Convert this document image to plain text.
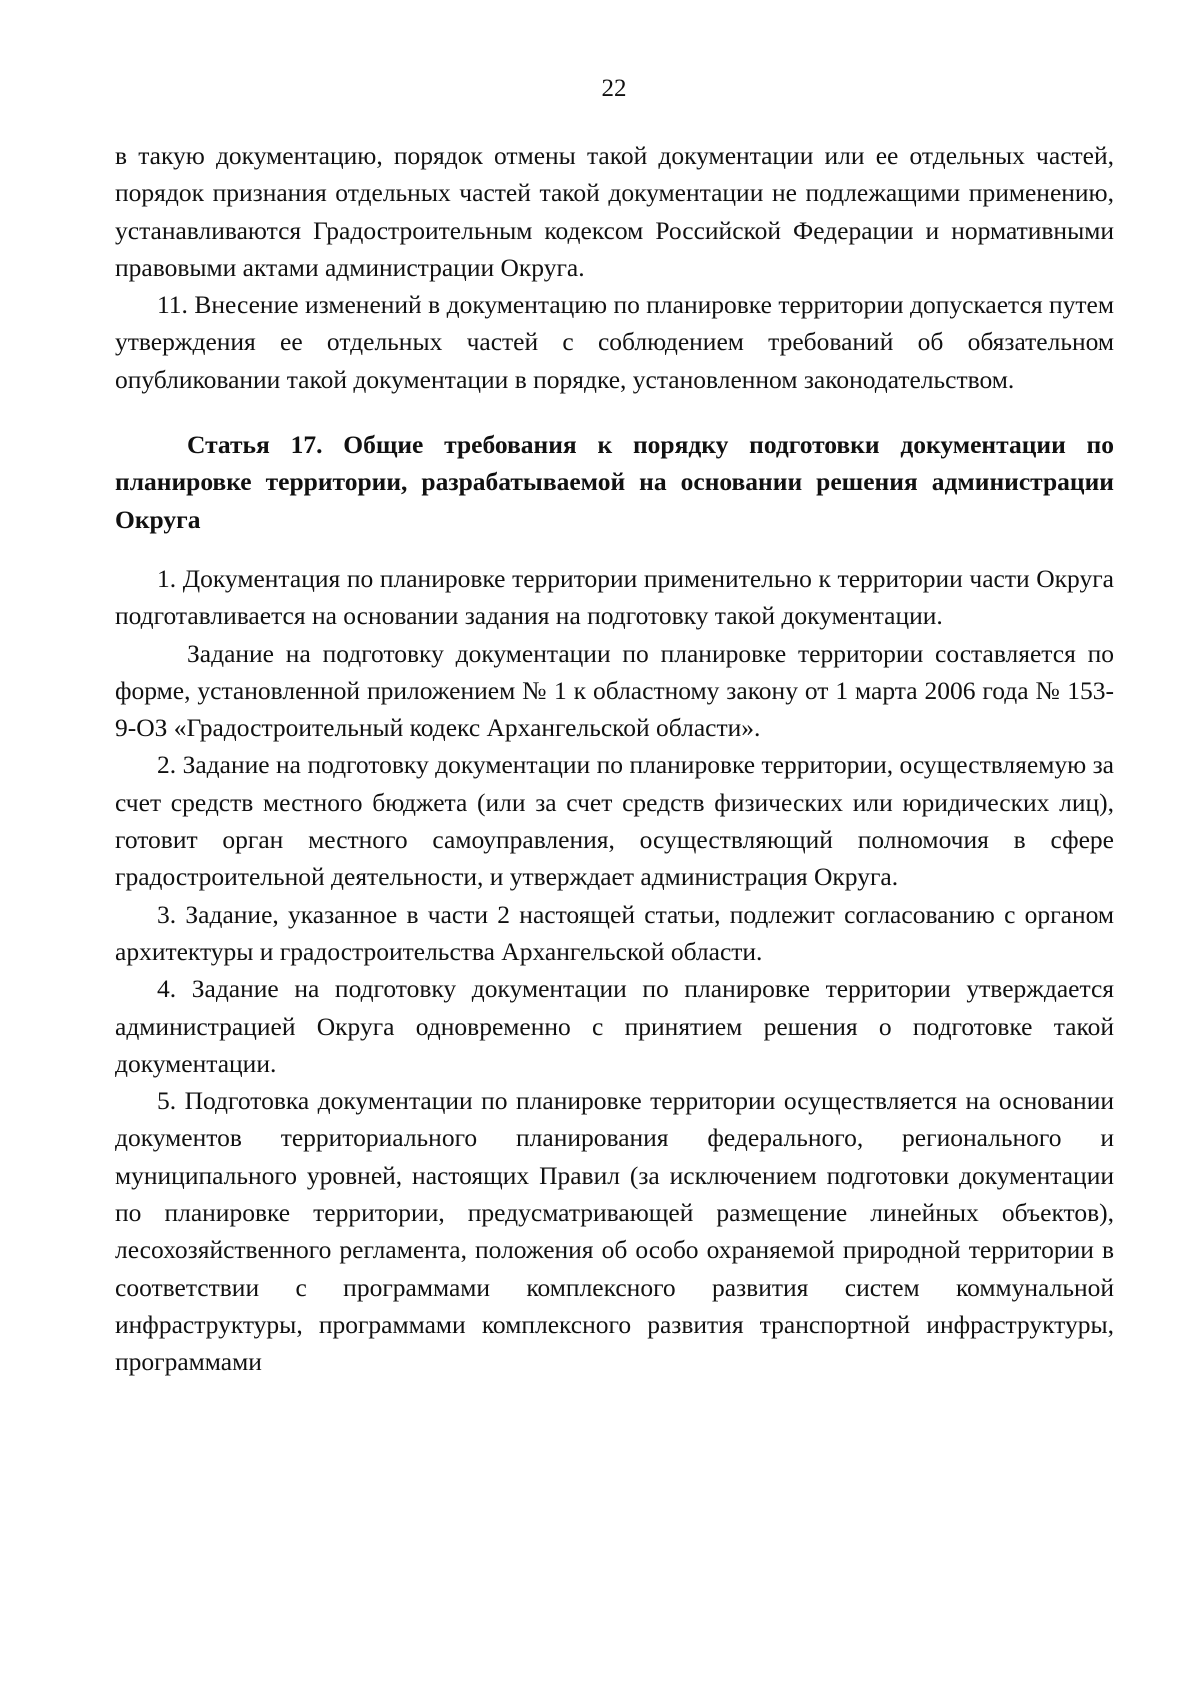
22

в такую документацию, порядок отмены такой документации или ее отдельных частей, порядок признания отдельных частей такой документации не подлежащими применению, устанавливаются Градостроительным кодексом Российской Федерации и нормативными правовыми актами администрации Округа.

11. Внесение изменений в документацию по планировке территории допускается путем утверждения ее отдельных частей с соблюдением требований об обязательном опубликовании такой документации в порядке, установленном законодательством.

Статья 17. Общие требования к порядку подготовки документации по планировке территории, разрабатываемой на основании решения администрации Округа

1. Документация по планировке территории применительно к территории части Округа подготавливается на основании задания на подготовку такой документации.

Задание на подготовку документации по планировке территории составляется по форме, установленной приложением № 1 к областному закону от 1 марта 2006 года № 153-9-ОЗ «Градостроительный кодекс Архангельской области».

2. Задание на подготовку документации по планировке территории, осуществляемую за счет средств местного бюджета (или за счет средств физических или юридических лиц), готовит орган местного самоуправления, осуществляющий полномочия в сфере градостроительной деятельности, и утверждает администрация Округа.

3. Задание, указанное в части 2 настоящей статьи, подлежит согласованию с органом архитектуры и градостроительства Архангельской области.

4. Задание на подготовку документации по планировке территории утверждается администрацией Округа одновременно с принятием решения о подготовке такой документации.

5. Подготовка документации по планировке территории осуществляется на основании документов территориального планирования федерального, регионального и муниципального уровней, настоящих Правил (за исключением подготовки документации по планировке территории, предусматривающей размещение линейных объектов), лесохозяйственного регламента, положения об особо охраняемой природной территории в соответствии с программами комплексного развития систем коммунальной инфраструктуры, программами комплексного развития транспортной инфраструктуры, программами
